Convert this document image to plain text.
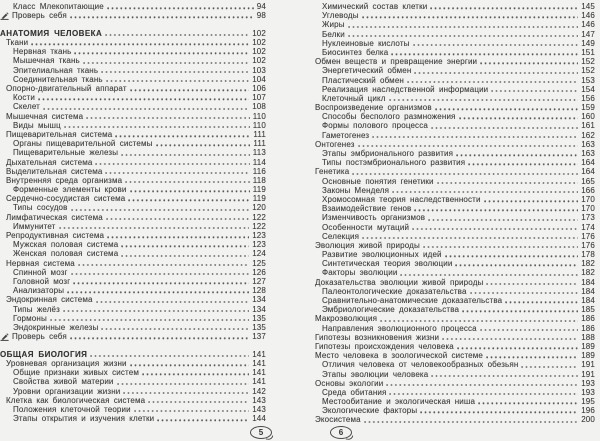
Класс Млекопитающие	94
Проверь себя	98
АНАТОМИЯ ЧЕЛОВЕКА	102
Ткани	102
Нервная ткань	102
Мышечная ткань	102
Эпителиальная ткань	103
Соединительная ткань	104
Опорно-двигательный аппарат	106
Кости	107
Скелет	108
Мышечная система	110
Виды мышц	110
Пищеварительная система	111
Органы пищеварительной системы	111
Пищеварительные железы	113
Дыхательная система	114
Выделительная система	116
Внутренняя среда организма	118
Форменные элементы крови	119
Сердечно-сосудистая система	119
Типы сосудов	120
Лимфатическая система	122
Иммунитет	122
Репродуктивная система	123
Мужская половая система	123
Женская половая система	124
Нервная система	125
Спинной мозг	126
Головной мозг	127
Анализаторы	128
Эндокринная система	134
Типы желёз	134
Гормоны	135
Эндокринные железы	135
Проверь себя	137
ОБЩАЯ БИОЛОГИЯ	141
Уровневая организация жизни	141
Общие признаки живых систем	141
Свойства живой материи	141
Уровни организации жизни	142
Клетка как биологическая система	143
Положения клеточной теории	143
Этапы открытия и изучения клетки	144
Химический состав клетки	145
Углеводы	146
Жиры	146
Белки	147
Нуклеиновые кислоты	149
Биосинтез белка	151
Обмен веществ и превращение энергии	152
Энергетический обмен	152
Пластический обмен	153
Реализация наследственной информации	154
Клеточный цикл	156
Воспроизведение организмов	159
Способы бесполого размножения	160
Формы полового процесса	161
Гаметогенез	162
Онтогенез	163
Этапы эмбрионального развития	163
Типы постэмбрионального развития	164
Генетика	164
Основные понятия генетики	165
Законы Менделя	166
Хромосомная теория наследственности	170
Взаимодействие генов	170
Изменчивость организмов	173
Особенности мутаций	174
Селекция	176
Эволюция живой природы	176
Развитие эволюционных идей	178
Синтетическая теория эволюции	182
Факторы эволюции	182
Доказательства эволюции живой природы	184
Палеонтологические доказательства	184
Сравнительно-анатомические доказательства	184
Эмбриологические доказательства	185
Макроэволюция	186
Направления эволюционного процесса	186
Гипотезы возникновения жизни	188
Гипотезы происхождения человека	189
Место человека в зоологической системе	189
Отличия человека от человекообразных обезьян	191
Этапы эволюции человека	191
Основы экологии	193
Среда обитания	193
Местообитание и экологическая ниша	195
Экологические факторы	196
Экосистема	200
5	6
